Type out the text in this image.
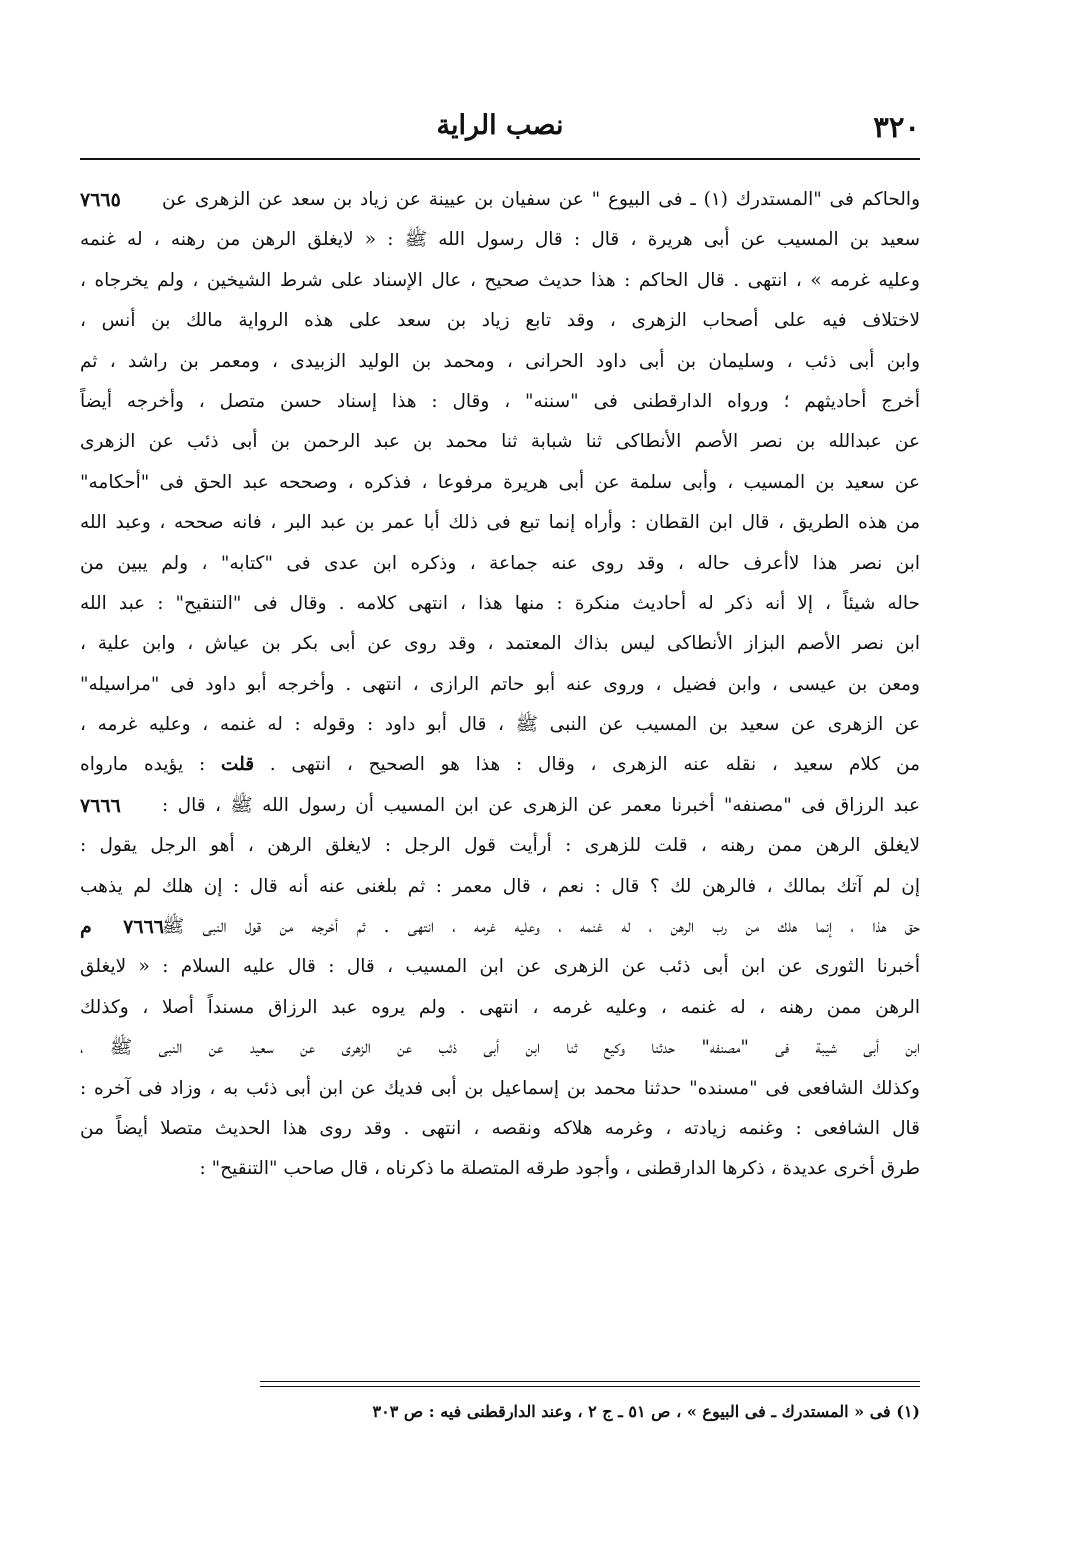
٣٢٠
نصب الراية
٧٦٦٥	والحاكم فى "المستدرك (١) ـ فى البيوع " عن سفيان بن عيينة عن زياد بن سعد عن الزهرى عن
سعيد بن المسيب عن أبى هريرة ، قال : قال رسول الله ﷺ : « لايغلق الرهن من رهنه ، له غنمه
وعليه غرمه » ، انتهى . قال الحاكم : هذا حديث صحيح ، عال الإسناد على شرط الشيخين ، ولم يخرجاه ،
لاختلاف فيه على أصحاب الزهرى ، وقد تابع زياد بن سعد على هذه الرواية مالك بن أنس ،
وابن أبى ذئب ، وسليمان بن أبى داود الحرانى ، ومحمد بن الوليد الزبيدى ، ومعمر بن راشد ، ثم
أخرج أحاديثهم ؛ ورواه الدارقطنى فى "سننه" ، وقال : هذا إسناد حسن متصل ، وأخرجه أيضاً
عن عبدالله بن نصر الأصم الأنطاكى ثنا شبابة ثنا محمد بن عبد الرحمن بن أبى ذئب عن الزهرى
عن سعيد بن المسيب ، وأبى سلمة عن أبى هريرة مرفوعا ، فذكره ، وصححه عبد الحق فى "أحكامه"
من هذه الطريق ، قال ابن القطان : وأراه إنما تبع فى ذلك أبا عمر بن عبد البر ، فانه صححه ، وعبد الله
ابن نصر هذا لاأعرف حاله ، وقد روى عنه جماعة ، وذكره ابن عدى فى "كتابه" ، ولم يبين من
حاله شيئاً ، إلا أنه ذكر له أحاديث منكرة : منها هذا ، انتهى كلامه . وقال فى "التنقيح" : عبد الله
ابن نصر الأصم البزاز الأنطاكى ليس بذاك المعتمد ، وقد روى عن أبى بكر بن عياش ، وابن علية ،
ومعن بن عيسى ، وابن فضيل ، وروى عنه أبو حاتم الرازى ، انتهى . وأخرجه أبو داود فى "مراسيله"
عن الزهرى عن سعيد بن المسيب عن النبى ﷺ ، قال أبو داود : وقوله : له غنمه ، وعليه غرمه ،
من كلام سعيد ، نقله عنه الزهرى ، وقال : هذا هو الصحيح ، انتهى . قلت : يؤيده مارواه
٧٦٦٦	عبد الرزاق فى "مصنفه" أخبرنا معمر عن الزهرى عن ابن المسيب أن رسول الله ﷺ ، قال :
لايغلق الرهن ممن رهنه ، قلت للزهرى : أرأيت قول الرجل : لايغلق الرهن ، أهو الرجل يقول :
إن لم آتك بمالك ، فالرهن لك ؟ قال : نعم ، قال معمر : ثم بلغنى عنه أنه قال : إن هلك لم يذهب
٧٦٦٦ م
حق هذا ، إنما هلك من رب الرهن ، له غنمه ، وعليه غرمه ، انتهى . ثم أخرجه من قول النبى ﷺ
أخبرنا الثورى عن ابن أبى ذئب عن الزهرى عن ابن المسيب ، قال : قال عليه السلام : « لايغلق
الرهن ممن رهنه ، له غنمه ، وعليه غرمه ، انتهى . ولم يروه عبد الرزاق مسنداً أصلا ، وكذلك
ابن أبى شيبة فى "مصنفه" حدثنا وكيع ثنا ابن أبى ذئب عن الزهرى عن سعيد عن النبى ﷺ ،
وكذلك الشافعى فى "مسنده" حدثنا محمد بن إسماعيل بن أبى فديك عن ابن أبى ذئب به ، وزاد فى آخره :
قال الشافعى : وغنمه زيادته ، وغرمه هلاكه ونقصه ، انتهى . وقد روى هذا الحديث متصلا أيضاً من
طرق أخرى عديدة ، ذكرها الدارقطنى ، وأجود طرقه المتصلة ما ذكرناه ، قال صاحب "التنقيح" :
(١) فى « المستدرك ـ فى البيوع » ، ص ٥١ ـ ج ٢ ، وعند الدارقطنى فيه : ص ٣٠٣
